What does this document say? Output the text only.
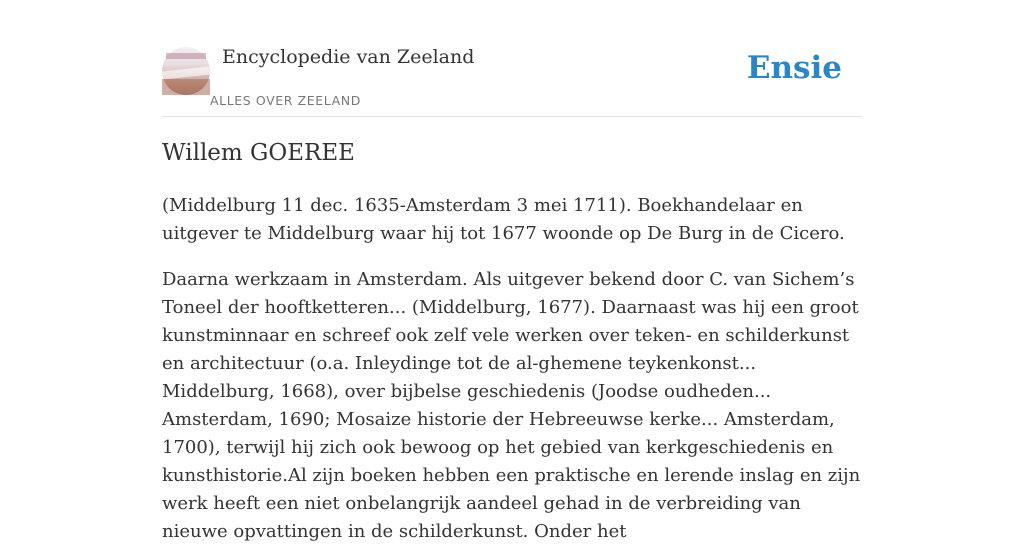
Encyclopedie van Zeeland
ALLES OVER ZEELAND
Ensie
Willem GOEREE

(Middelburg 11 dec. 1635-Amsterdam 3 mei 1711). Boekhandelaar en uitgever te Middelburg waar hij tot 1677 woonde op De Burg in de Cicero.

Daarna werkzaam in Amsterdam. Als uitgever bekend door C. van Sichem’s Toneel der hooftketteren... (Middelburg, 1677). Daarnaast was hij een groot kunstminnaar en schreef ook zelf vele werken over teken- en schilderkunst en architectuur (o.a. Inleydinge tot de al-ghemene teykenkonst... Middelburg, 1668), over bijbelse geschiedenis (Joodse oudheden... Amsterdam, 1690; Mosaize historie der Hebreeuwse kerke... Amsterdam, 1700), terwijl hij zich ook bewoog op het gebied van kerkgeschiedenis en kunsthistorie.Al zijn boeken hebben een praktische en lerende inslag en zijn werk heeft een niet onbelangrijk aandeel gehad in de verbreiding van nieuwe opvattingen in de schilderkunst. Onder het
